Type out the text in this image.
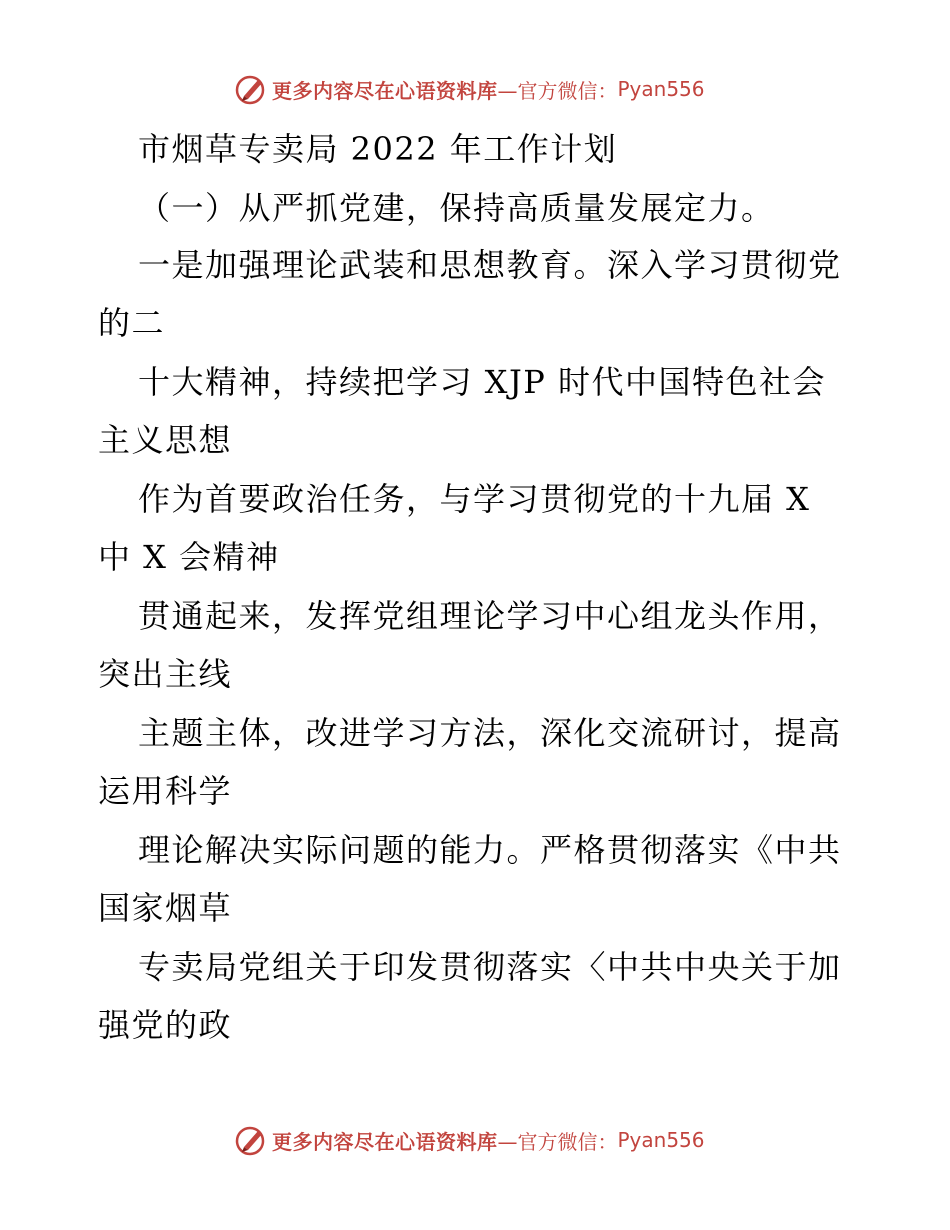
更多内容尽在心语资料库 —官方微信： Pyan556
市烟草专卖局 2022 年工作计划
（一）从严抓党建，保持高质量发展定力。
一是加强理论武装和思想教育。深入学习贯彻党
的二
十大精神，持续把学习 XJP 时代中国特色社会
主义思想
作为首要政治任务，与学习贯彻党的十九届 X
中 X 会精神
贯通起来，发挥党组理论学习中心组龙头作用，
突出主线
主题主体，改进学习方法，深化交流研讨，提高
运用科学
理论解决实际问题的能力。严格贯彻落实《中共
国家烟草
专卖局党组关于印发贯彻落实〈中共中央关于加
强党的政
更多内容尽在心语资料库 —官方微信： Pyan556
